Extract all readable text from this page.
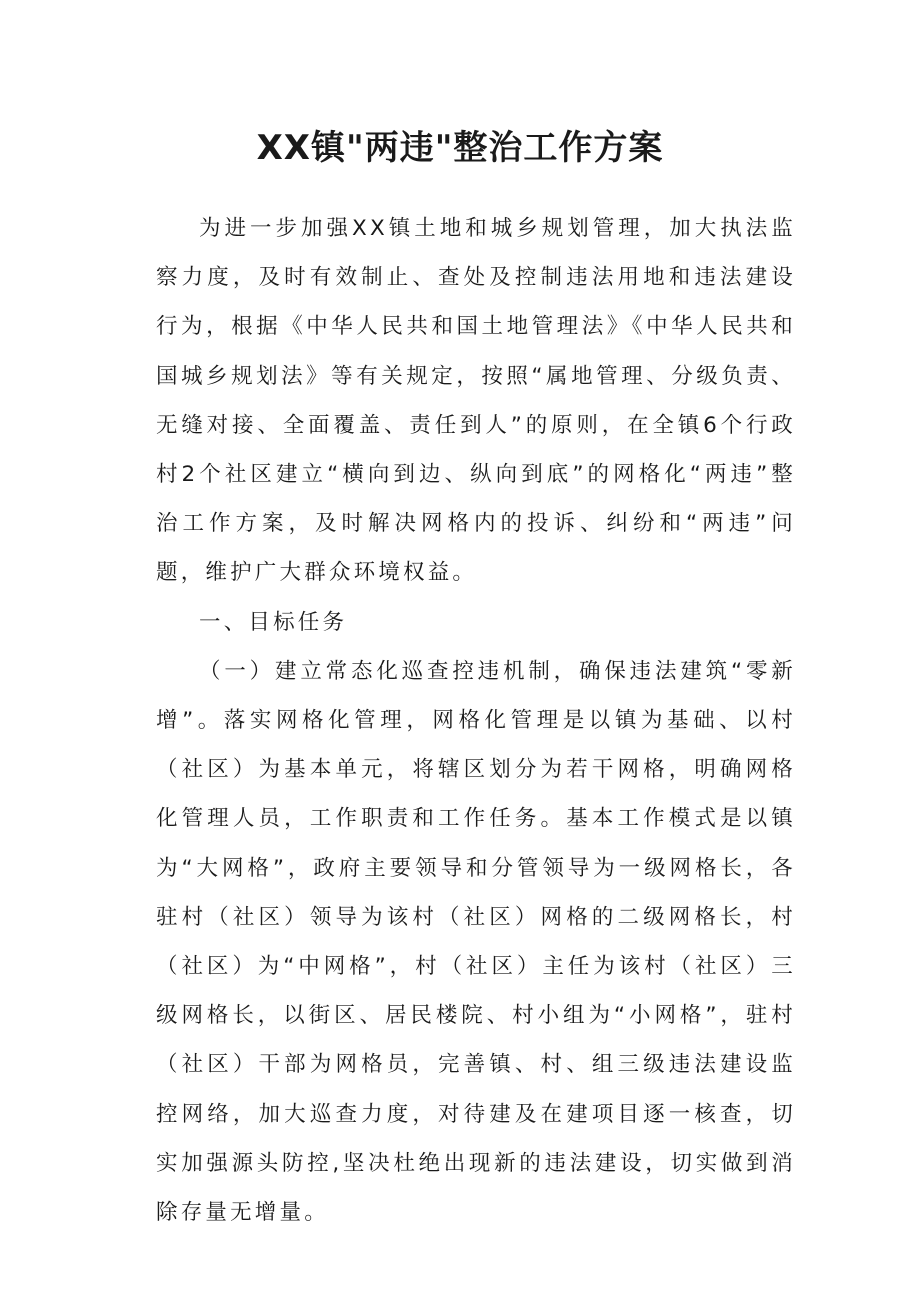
XX镇"两违"整治工作方案

为进一步加强XX镇土地和城乡规划管理，加大执法监察力度，及时有效制止、查处及控制违法用地和违法建设行为，根据《中华人民共和国土地管理法》《中华人民共和国城乡规划法》等有关规定，按照“属地管理、分级负责、无缝对接、全面覆盖、责任到人”的原则，在全镇6个行政村2个社区建立“横向到边、纵向到底”的网格化“两违”整治工作方案，及时解决网格内的投诉、纠纷和“两违”问题，维护广大群众环境权益。

一、目标任务

（一）建立常态化巡查控违机制，确保违法建筑“零新增”。落实网格化管理，网格化管理是以镇为基础、以村（社区）为基本单元，将辖区划分为若干网格，明确网格化管理人员，工作职责和工作任务。基本工作模式是以镇为“大网格”，政府主要领导和分管领导为一级网格长，各驻村（社区）领导为该村（社区）网格的二级网格长，村（社区）为“中网格”，村（社区）主任为该村（社区）三级网格长，以街区、居民楼院、村小组为“小网格”，驻村（社区）干部为网格员，完善镇、村、组三级违法建设监控网络，加大巡查力度，对待建及在建项目逐一核查，切实加强源头防控,坚决杜绝出现新的违法建设，切实做到消除存量无增量。
